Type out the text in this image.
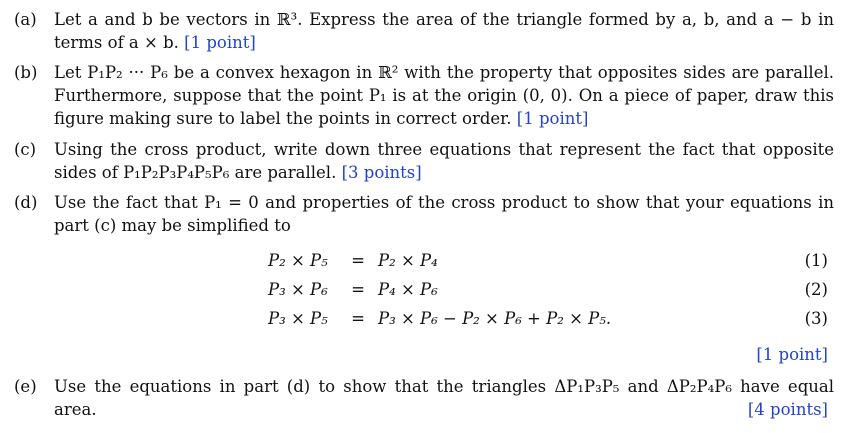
(a)	Let a and b be vectors in ℝ³. Express the area of the triangle formed by a, b, and a − b in terms of a × b. [1 point]
(b)	Let P₁P₂ ··· P₆ be a convex hexagon in ℝ² with the property that opposites sides are parallel. Furthermore, suppose that the point P₁ is at the origin (0, 0). On a piece of paper, draw this figure making sure to label the points in correct order. [1 point]
(c)	Using the cross product, write down three equations that represent the fact that opposite sides of P₁P₂P₃P₄P₅P₆ are parallel. [3 points]
(d)	Use the fact that P₁ = 0 and properties of the cross product to show that your equations in part (c) may be simplified to
P₂ × P₅	= P₂ × P₄	(1)
P₃ × P₆	= P₄ × P₆	(2)
P₃ × P₅	= P₃ × P₆ − P₂ × P₆ + P₂ × P₅.	(3)
[1 point]
(e)	Use the equations in part (d) to show that the triangles ΔP₁P₃P₅ and ΔP₂P₄P₆ have equal area.	[4 points]
